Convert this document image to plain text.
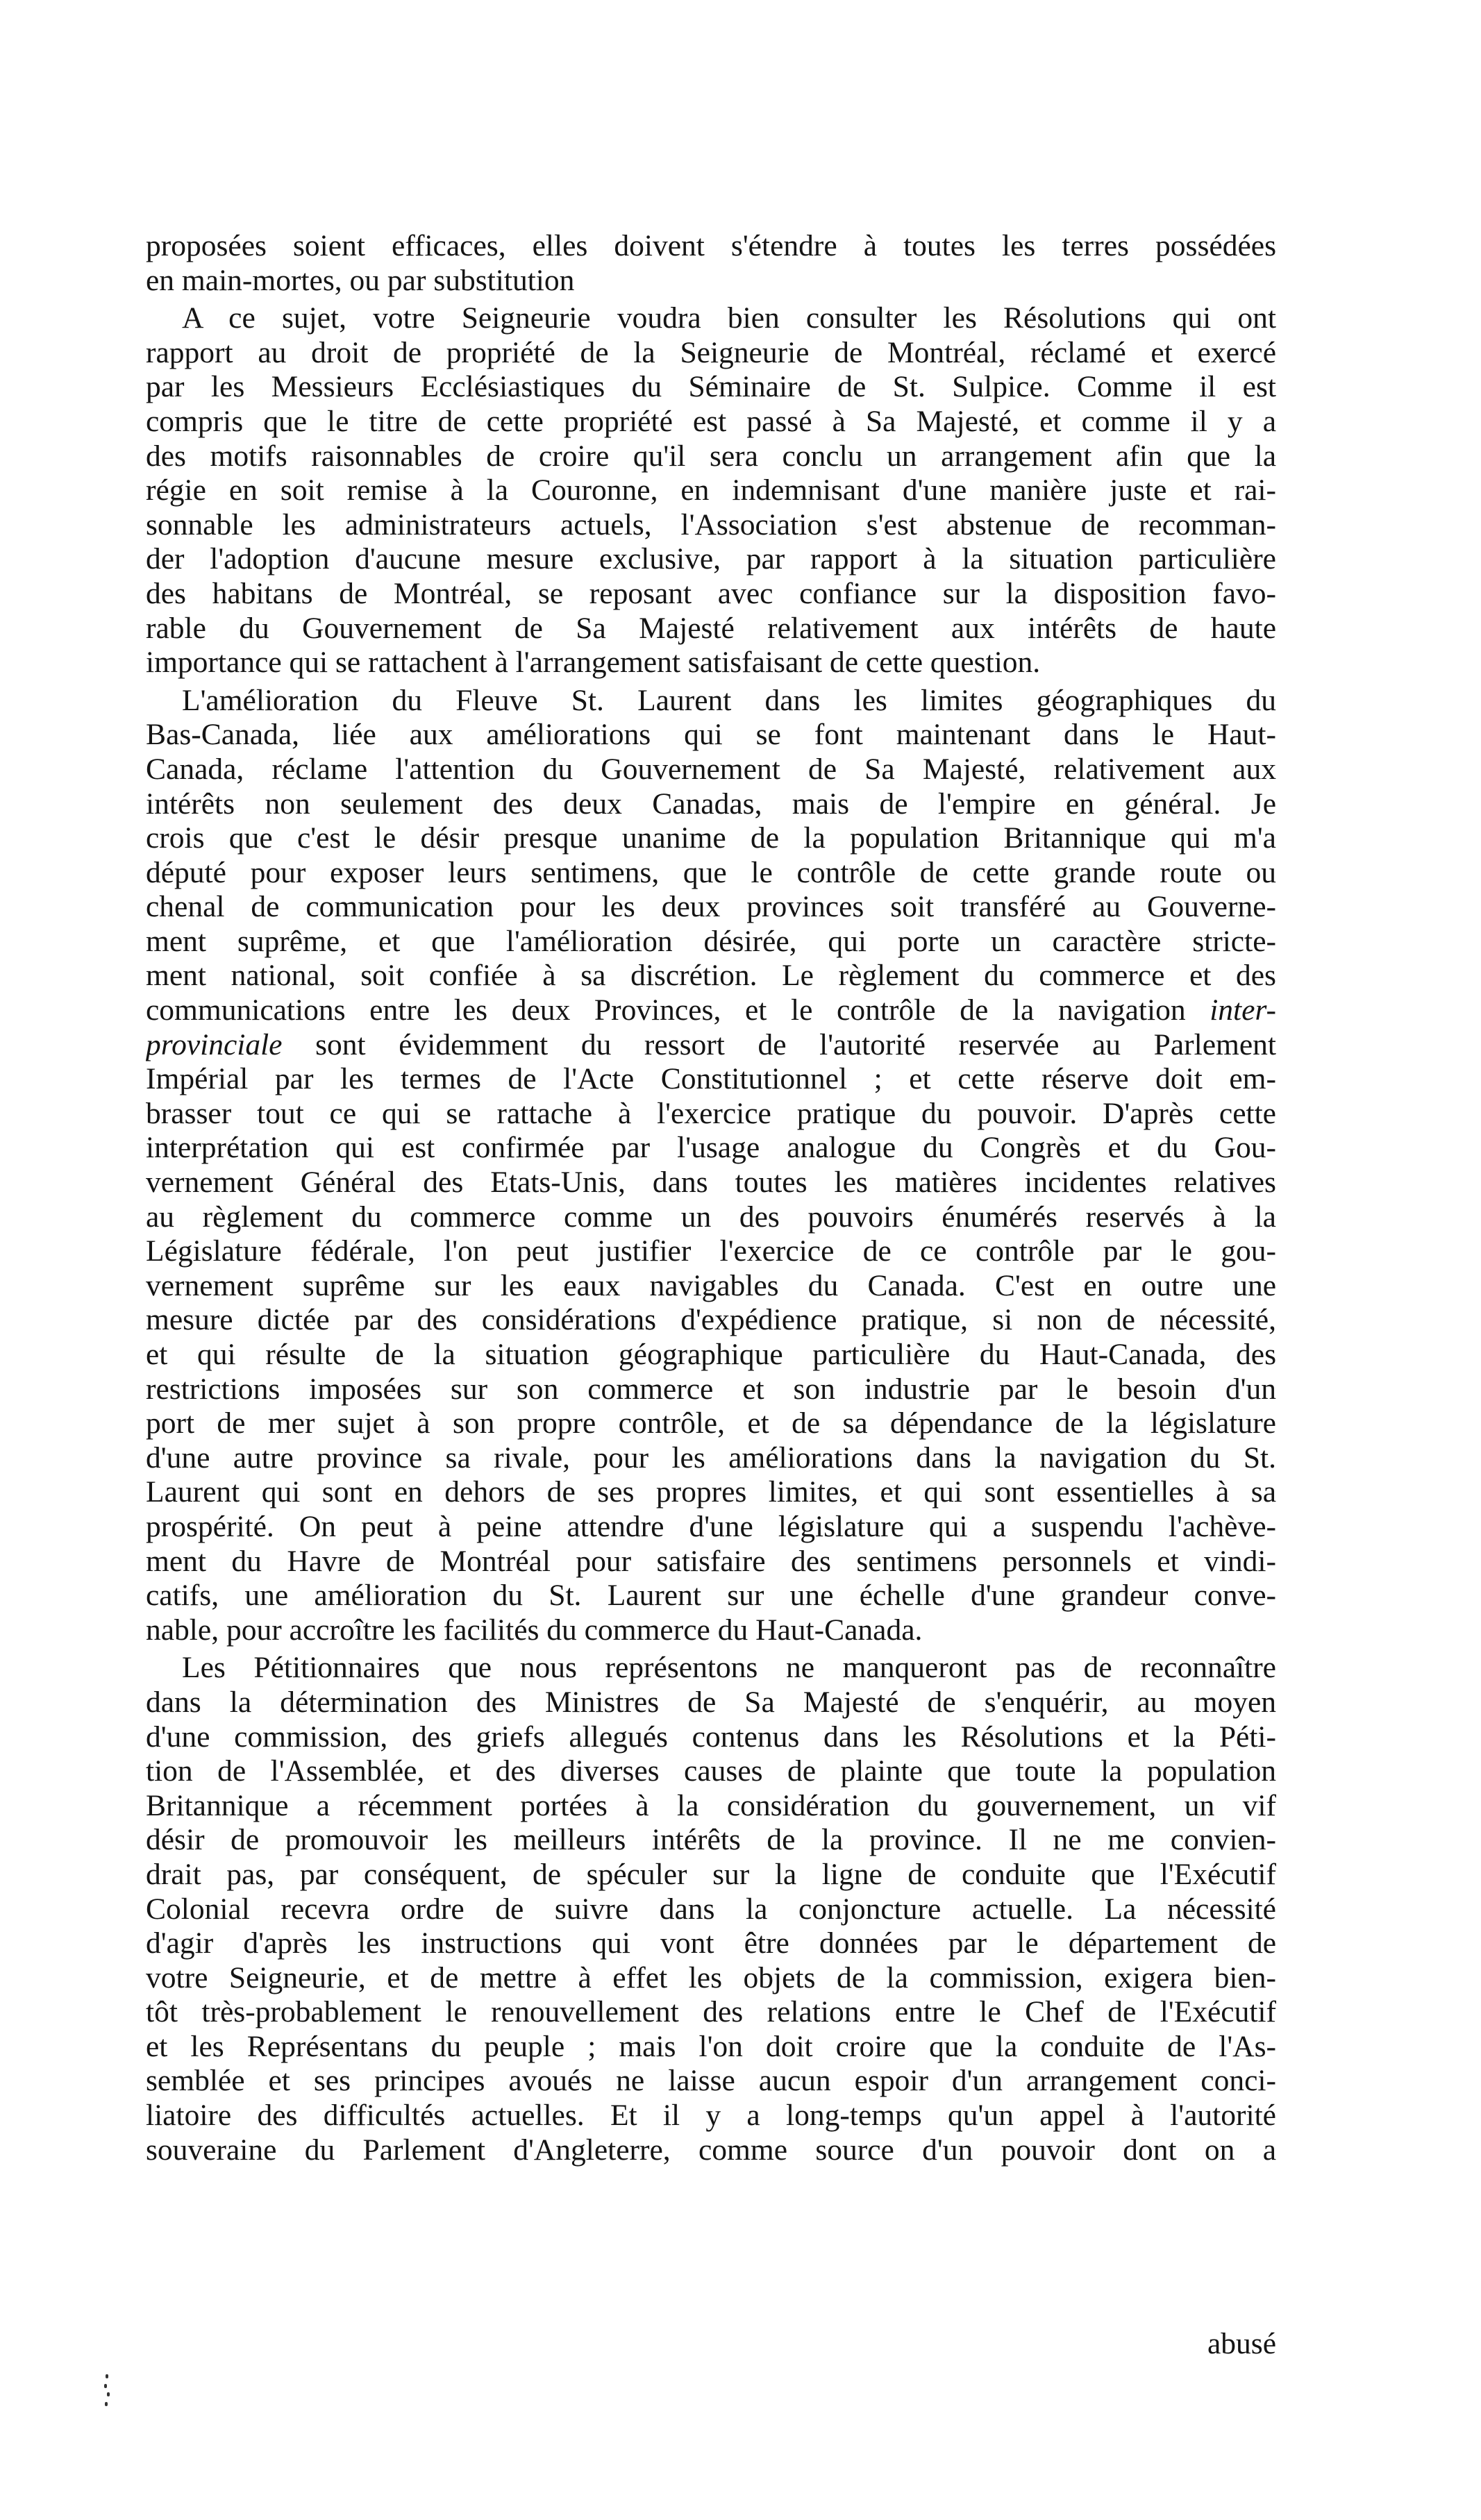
proposées soient efficaces, elles doivent s'étendre à toutes les terres possédées
en main-mortes, ou par substitution

A ce sujet, votre Seigneurie voudra bien consulter les Résolutions qui ont
rapport au droit de propriété de la Seigneurie de Montréal, réclamé et exercé
par les Messieurs Ecclésiastiques du Séminaire de St. Sulpice. Comme il est
compris que le titre de cette propriété est passé à Sa Majesté, et comme il y a
des motifs raisonnables de croire qu'il sera conclu un arrangement afin que la
régie en soit remise à la Couronne, en indemnisant d'une manière juste et rai-
sonnable les administrateurs actuels, l'Association s'est abstenue de recomman-
der l'adoption d'aucune mesure exclusive, par rapport à la situation particulière
des habitans de Montréal, se reposant avec confiance sur la disposition favo-
rable du Gouvernement de Sa Majesté relativement aux intérêts de haute
importance qui se rattachent à l'arrangement satisfaisant de cette question.

L'amélioration du Fleuve St. Laurent dans les limites géographiques du
Bas-Canada, liée aux améliorations qui se font maintenant dans le Haut-
Canada, réclame l'attention du Gouvernement de Sa Majesté, relativement aux
intérêts non seulement des deux Canadas, mais de l'empire en général. Je
crois que c'est le désir presque unanime de la population Britannique qui m'a
député pour exposer leurs sentimens, que le contrôle de cette grande route ou
chenal de communication pour les deux provinces soit transféré au Gouverne-
ment suprême, et que l'amélioration désirée, qui porte un caractère stricte-
ment national, soit confiée à sa discrétion. Le règlement du commerce et des
communications entre les deux Provinces, et le contrôle de la navigation inter-
provinciale sont évidemment du ressort de l'autorité reservée au Parlement
Impérial par les termes de l'Acte Constitutionnel ; et cette réserve doit em-
brasser tout ce qui se rattache à l'exercice pratique du pouvoir. D'après cette
interprétation qui est confirmée par l'usage analogue du Congrès et du Gou-
vernement Général des Etats-Unis, dans toutes les matières incidentes relatives
au règlement du commerce comme un des pouvoirs énumérés reservés à la
Législature fédérale, l'on peut justifier l'exercice de ce contrôle par le gou-
vernement suprême sur les eaux navigables du Canada. C'est en outre une
mesure dictée par des considérations d'expédience pratique, si non de nécessité,
et qui résulte de la situation géographique particulière du Haut-Canada, des
restrictions imposées sur son commerce et son industrie par le besoin d'un
port de mer sujet à son propre contrôle, et de sa dépendance de la législature
d'une autre province sa rivale, pour les améliorations dans la navigation du St.
Laurent qui sont en dehors de ses propres limites, et qui sont essentielles à sa
prospérité. On peut à peine attendre d'une législature qui a suspendu l'achève-
ment du Havre de Montréal pour satisfaire des sentimens personnels et vindi-
catifs, une amélioration du St. Laurent sur une échelle d'une grandeur conve-
nable, pour accroître les facilités du commerce du Haut-Canada.

Les Pétitionnaires que nous représentons ne manqueront pas de reconnaître
dans la détermination des Ministres de Sa Majesté de s'enquérir, au moyen
d'une commission, des griefs allegués contenus dans les Résolutions et la Péti-
tion de l'Assemblée, et des diverses causes de plainte que toute la population
Britannique a récemment portées à la considération du gouvernement, un vif
désir de promouvoir les meilleurs intérêts de la province. Il ne me convien-
drait pas, par conséquent, de spéculer sur la ligne de conduite que l'Exécutif
Colonial recevra ordre de suivre dans la conjoncture actuelle. La nécessité
d'agir d'après les instructions qui vont être données par le département de
votre Seigneurie, et de mettre à effet les objets de la commission, exigera bien-
tôt très-probablement le renouvellement des relations entre le Chef de l'Exécutif
et les Représentans du peuple ; mais l'on doit croire que la conduite de l'As-
semblée et ses principes avoués ne laisse aucun espoir d'un arrangement conci-
liatoire des difficultés actuelles. Et il y a long-temps qu'un appel à l'autorité
souveraine du Parlement d'Angleterre, comme source d'un pouvoir dont on a

abusé
